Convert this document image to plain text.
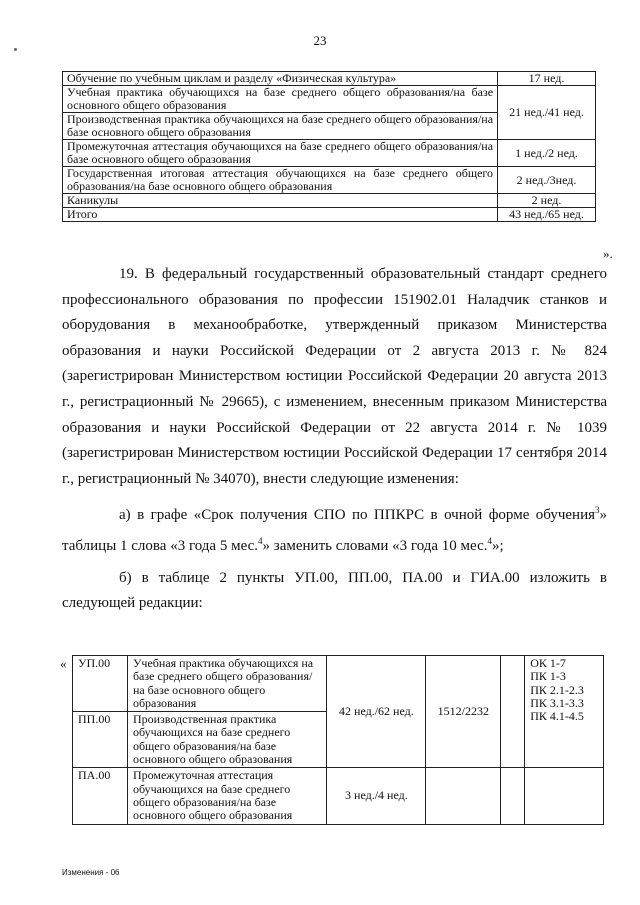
23
Обучение по учебным циклам и разделу «Физическая культура»	17 нед.
Учебная практика обучающихся на базе среднего общего образования/на базе основного общего образования	21 нед./41 нед.
Производственная практика обучающихся на базе среднего общего образования/на базе основного общего образования	
Промежуточная аттестация обучающихся на базе среднего общего образования/на базе основного общего образования	1 нед./2 нед.
Государственная итоговая аттестация обучающихся на базе среднего общего образования/на базе основного общего образования	2 нед./3нед.
Каникулы	2 нед.
Итого	43 нед./65 нед.
».

19. В федеральный государственный образовательный стандарт среднего профессионального образования по профессии 151902.01 Наладчик станков и оборудования в механообработке, утвержденный приказом Министерства образования и науки Российской Федерации от 2 августа 2013 г. № 824 (зарегистрирован Министерством юстиции Российской Федерации 20 августа 2013 г., регистрационный № 29665), с изменением, внесенным приказом Министерства образования и науки Российской Федерации от 22 августа 2014 г. № 1039 (зарегистрирован Министерством юстиции Российской Федерации 17 сентября 2014 г., регистрационный № 34070), внести следующие изменения:

а) в графе «Срок получения СПО по ППКРС в очной форме обучения$^3$» таблицы 1 слова «3 года 5 мес.$^4$» заменить словами «3 года 10 мес.$^4$»;

б) в таблице 2 пункты УП.00, ПП.00, ПА.00 и ГИА.00 изложить в следующей редакции:

« УП.00	Учебная практика обучающихся на базе среднего общего образования/на базе основного общего образования	42 нед./62 нед.	1512/2232		ОК 1-7
ПК 1-3
ПК 2.1-2.3
ПК 3.1-3.3
ПК 4.1-4.5

ПП.00	Производственная практика обучающихся на базе среднего общего образования/на базе основного общего образования				
ПА.00	Промежуточная аттестация обучающихся на базе среднего общего образования/на базе основного общего образования	3 нед./4 нед.			
Изменения - 06
